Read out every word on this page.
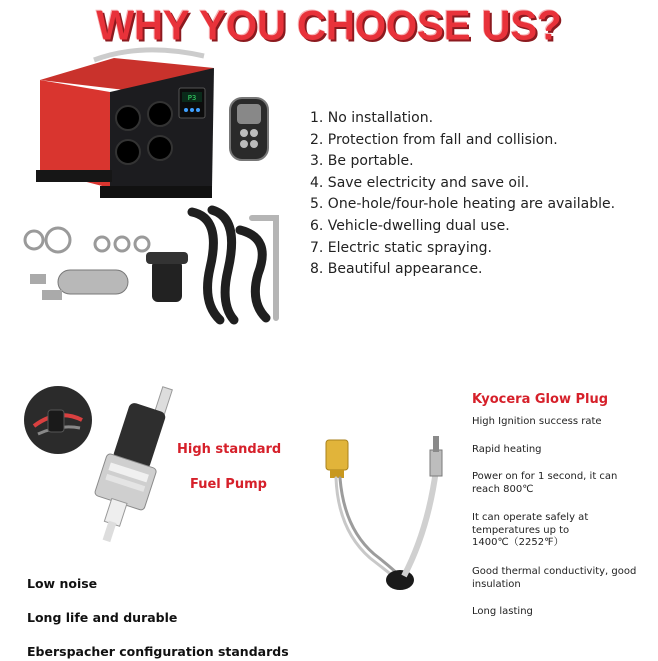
WHY YOU CHOOSE US?
P3
1. No installation.
2. Protection from fall and collision.
3. Be portable.
4. Save electricity and save oil.
5. One-hole/four-hole heating are available.
6. Vehicle-dwelling dual use.
7. Electric static spraying.
8. Beautiful appearance.
High standard
Fuel Pump
Low noise
Long life and durable
Eberspacher configuration standards
Kyocera Glow Plug
High Ignition success rate
Rapid heating
Power on for 1 second, it can reach 800℃
It can operate safely at temperatures up to 1400℃（2252℉）
Good thermal conductivity, good insulation
Long lasting
